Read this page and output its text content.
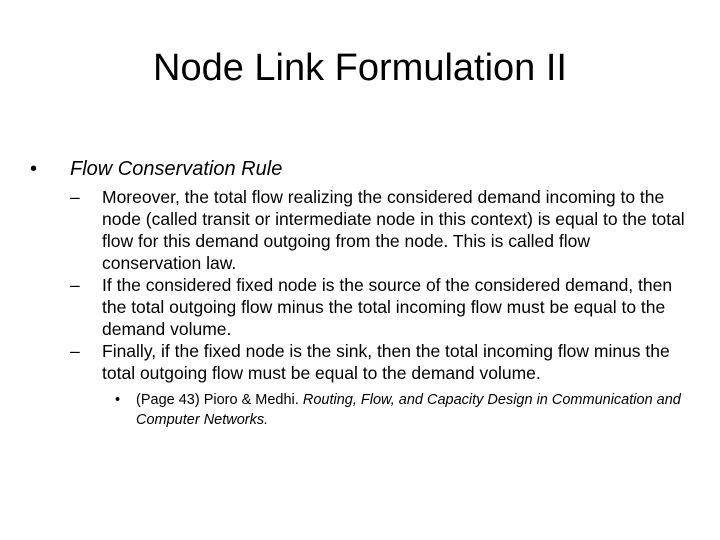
Node Link Formulation II
• Flow Conservation Rule
– Moreover, the total flow realizing the considered demand incoming to the node (called transit or intermediate node in this context) is equal to the total flow for this demand outgoing from the node. This is called flow conservation law.
– If the considered fixed node is the source of the considered demand, then the total outgoing flow minus the total incoming flow must be equal to the demand volume.
– Finally, if the fixed node is the sink, then the total incoming flow minus the total outgoing flow must be equal to the demand volume.
• (Page 43) Pioro & Medhi. Routing, Flow, and Capacity Design in Communication and Computer Networks.
